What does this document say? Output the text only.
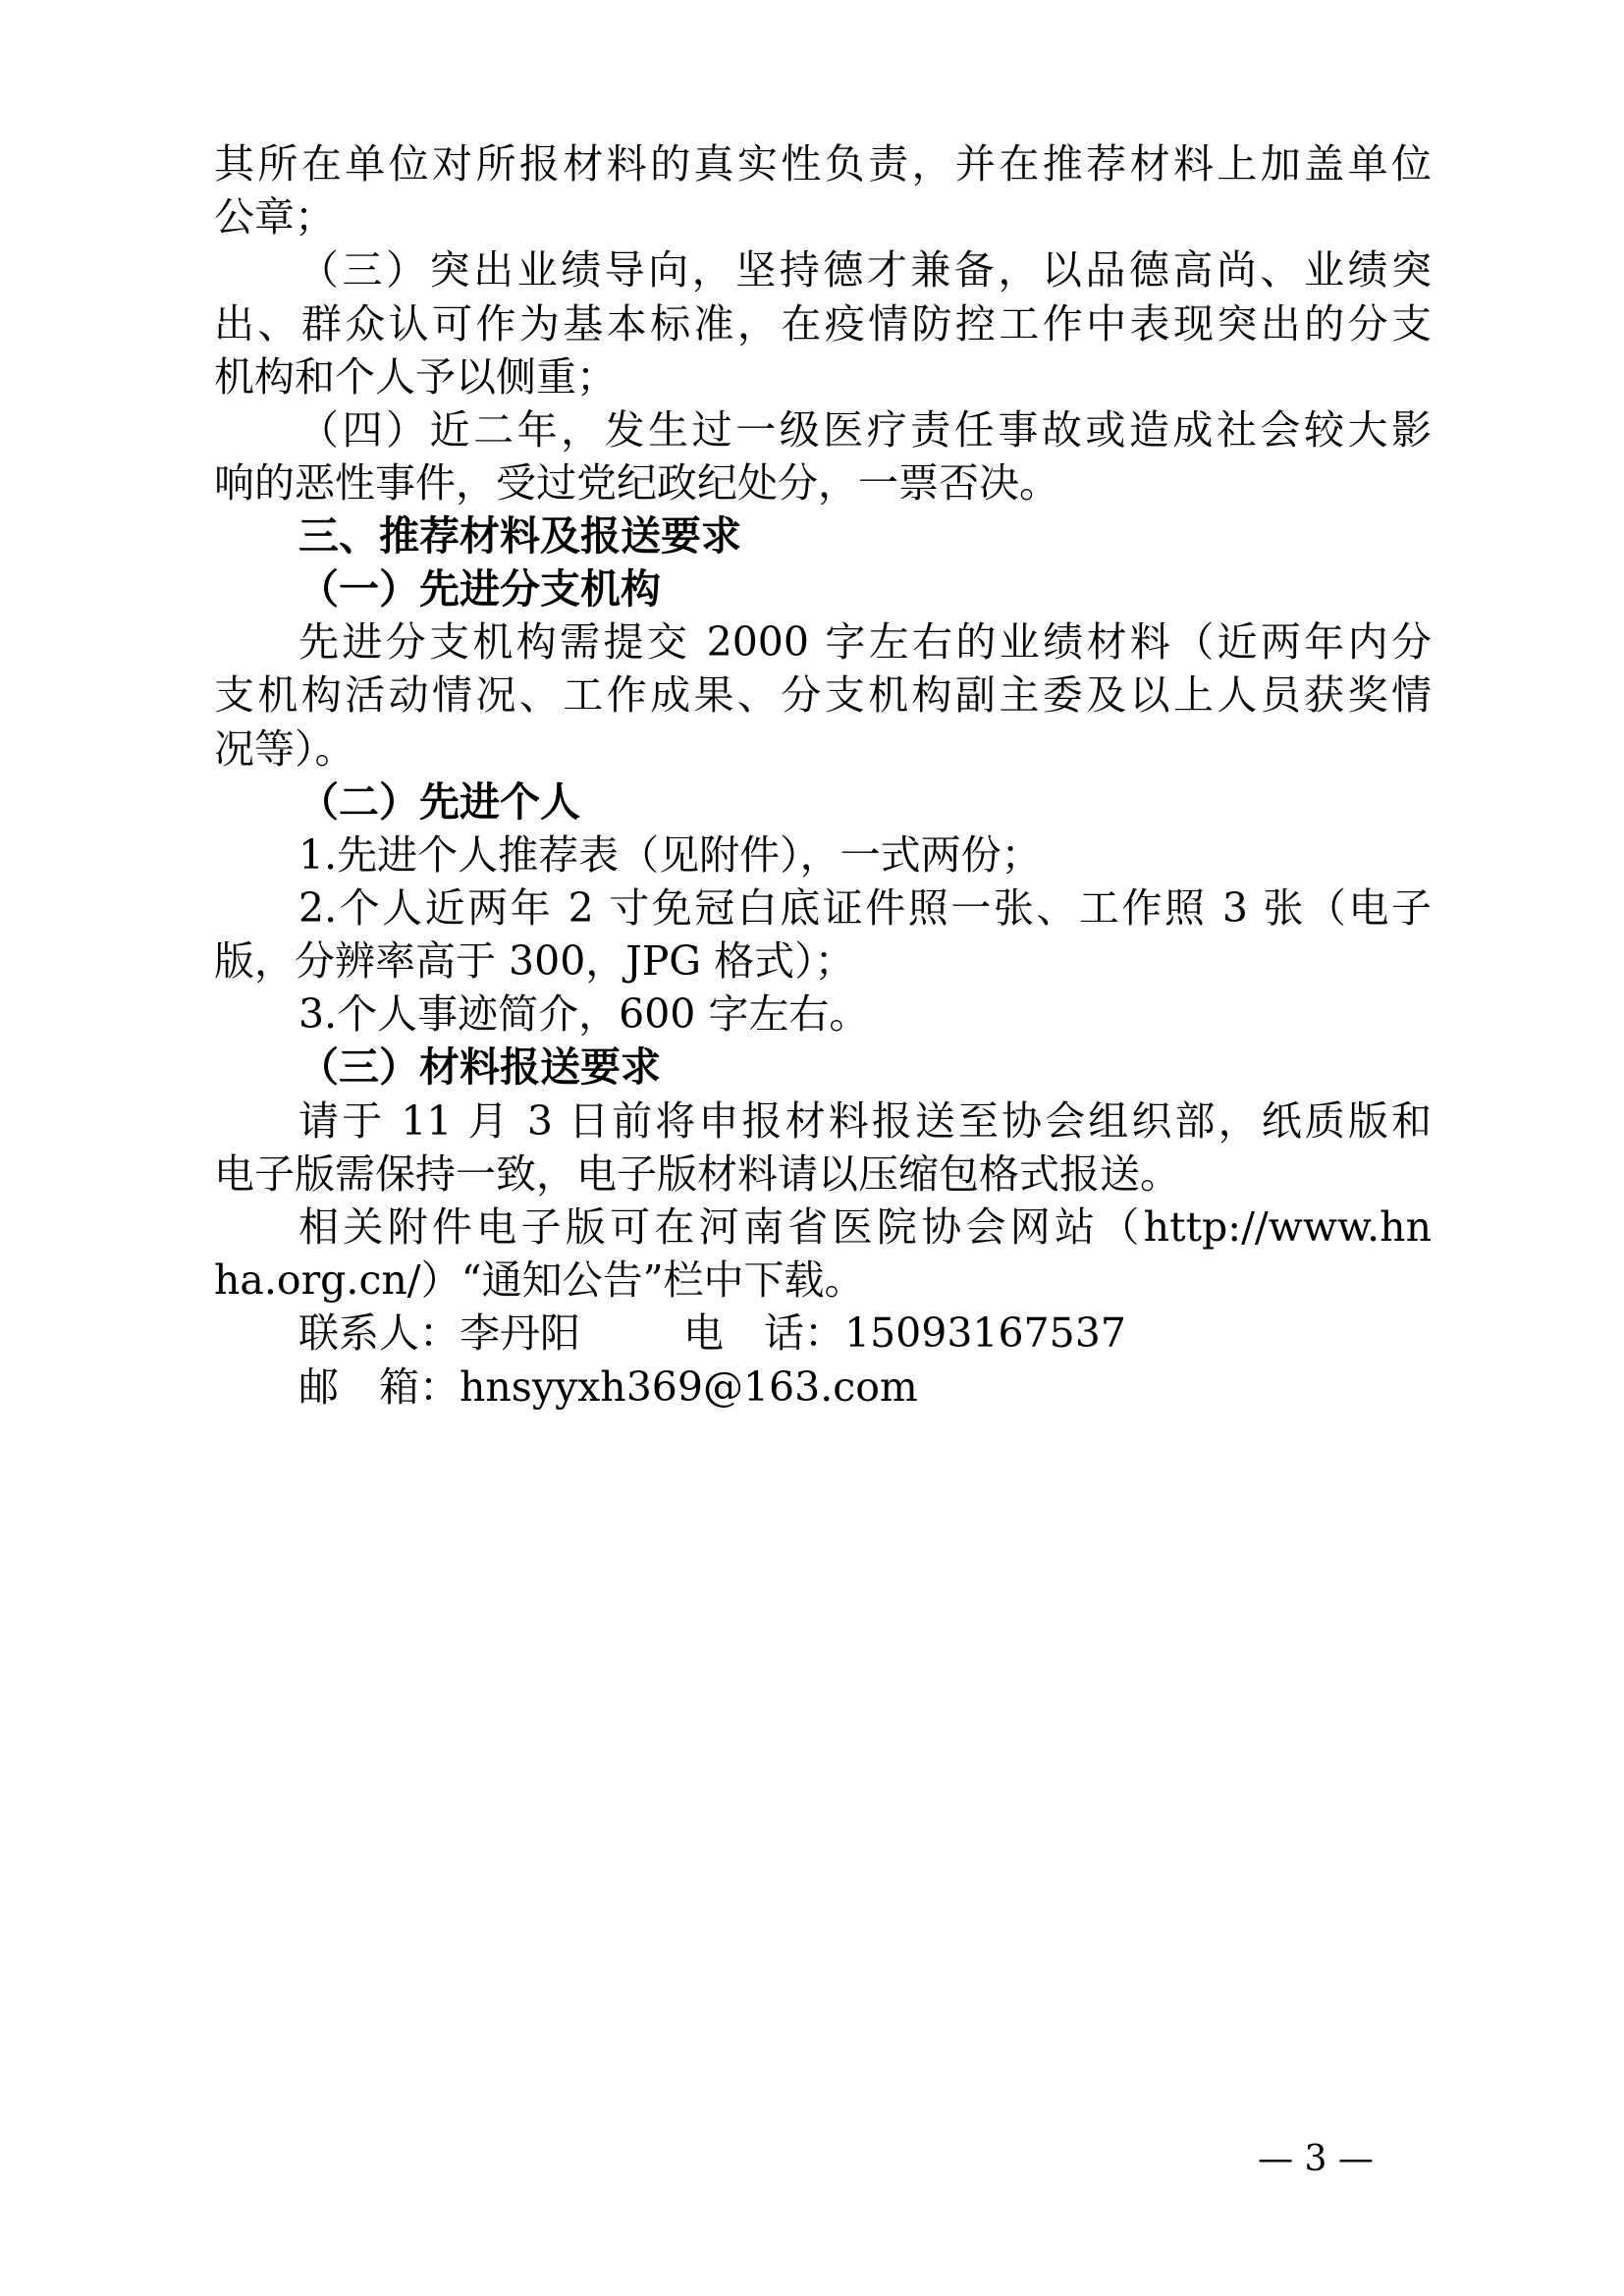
其所在单位对所报材料的真实性负责，并在推荐材料上加盖单位
公章；
（三）突出业绩导向，坚持德才兼备，以品德高尚、业绩突
出、群众认可作为基本标准，在疫情防控工作中表现突出的分支
机构和个人予以侧重；
（四）近二年，发生过一级医疗责任事故或造成社会较大影
响的恶性事件，受过党纪政纪处分，一票否决。
三、推荐材料及报送要求
（一）先进分支机构
先进分支机构需提交 2000 字左右的业绩材料（近两年内分
支机构活动情况、工作成果、分支机构副主委及以上人员获奖情
况等）。
（二）先进个人
1.先进个人推荐表（见附件），一式两份；
2.个人近两年 2 寸免冠白底证件照一张、工作照 3 张（电子
版，分辨率高于 300，JPG 格式）；
3.个人事迹简介，600 字左右。
（三）材料报送要求
请于 11 月 3 日前将申报材料报送至协会组织部，纸质版和
电子版需保持一致，电子版材料请以压缩包格式报送。
相关附件电子版可在河南省医院协会网站（http://www.hn
ha.org.cn/）“通知公告”栏中下载。
联系人：李丹阳	电　话：15093167537
邮　箱：hnsyyxh369@163.com
— 3 —
